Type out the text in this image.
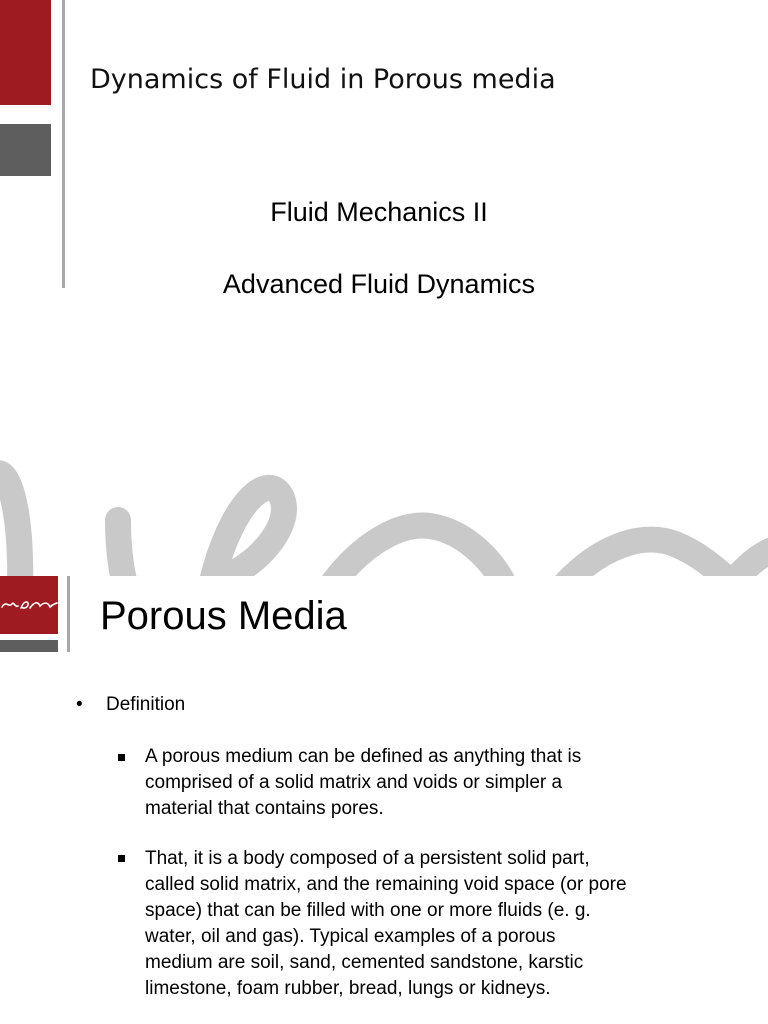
Dynamics of Fluid in Porous media
Fluid Mechanics II
Advanced Fluid Dynamics
Porous Media
• Definition
A porous medium can be defined as anything that is
comprised of a solid matrix and voids or simpler a
material that contains pores.
That, it is a body composed of a persistent solid part,
called solid matrix, and the remaining void space (or pore
space) that can be filled with one or more fluids (e. g.
water, oil and gas). Typical examples of a porous
medium are soil, sand, cemented sandstone, karstic
limestone, foam rubber, bread, lungs or kidneys.
